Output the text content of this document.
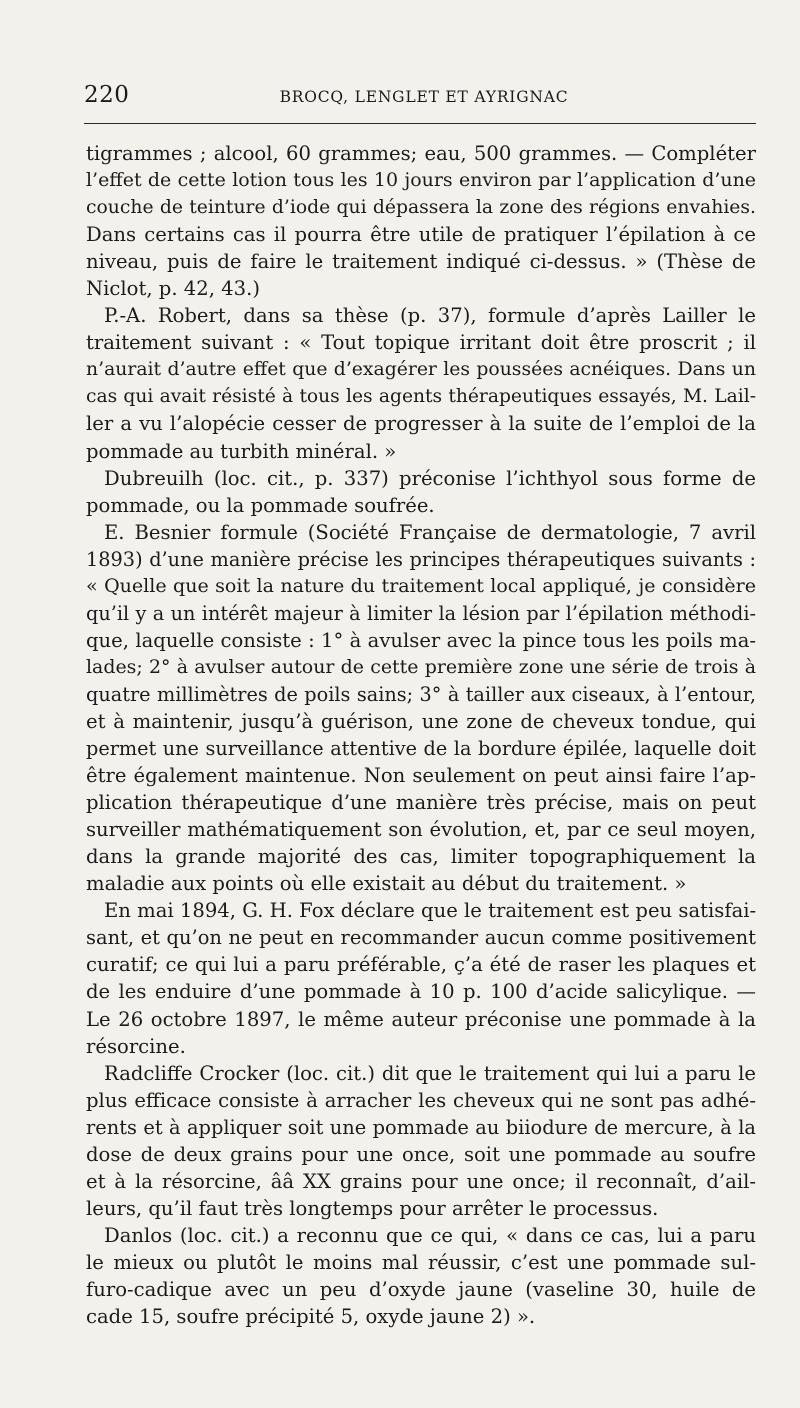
220	BROCQ, LENGLET ET AYRIGNAC
tigrammes ; alcool, 60 grammes; eau, 500 grammes. — Compléter
l’effet de cette lotion tous les 10 jours environ par l’application d’une
couche de teinture d’iode qui dépassera la zone des régions envahies.
Dans certains cas il pourra être utile de pratiquer l’épilation à ce
niveau, puis de faire le traitement indiqué ci-dessus. » (Thèse de
Niclot, p. 42, 43.)
P.-A. Robert, dans sa thèse (p. 37), formule d’après Lailler le
traitement suivant : « Tout topique irritant doit être proscrit ; il
n’aurait d’autre effet que d’exagérer les poussées acnéiques. Dans un
cas qui avait résisté à tous les agents thérapeutiques essayés, M. Lail-
ler a vu l’alopécie cesser de progresser à la suite de l’emploi de la
pommade au turbith minéral. »
Dubreuilh (loc. cit., p. 337) préconise l’ichthyol sous forme de
pommade, ou la pommade soufrée.
E. Besnier formule (Société Française de dermatologie, 7 avril
1893) d’une manière précise les principes thérapeutiques suivants :
« Quelle que soit la nature du traitement local appliqué, je considère
qu’il y a un intérêt majeur à limiter la lésion par l’épilation méthodi-
que, laquelle consiste : 1° à avulser avec la pince tous les poils ma-
lades; 2° à avulser autour de cette première zone une série de trois à
quatre millimètres de poils sains; 3° à tailler aux ciseaux, à l’entour,
et à maintenir, jusqu’à guérison, une zone de cheveux tondue, qui
permet une surveillance attentive de la bordure épilée, laquelle doit
être également maintenue. Non seulement on peut ainsi faire l’ap-
plication thérapeutique d’une manière très précise, mais on peut
surveiller mathématiquement son évolution, et, par ce seul moyen,
dans la grande majorité des cas, limiter topographiquement la
maladie aux points où elle existait au début du traitement. »
En mai 1894, G. H. Fox déclare que le traitement est peu satisfai-
sant, et qu’on ne peut en recommander aucun comme positivement
curatif; ce qui lui a paru préférable, ç’a été de raser les plaques et
de les enduire d’une pommade à 10 p. 100 d’acide salicylique. —
Le 26 octobre 1897, le même auteur préconise une pommade à la
résorcine.
Radcliffe Crocker (loc. cit.) dit que le traitement qui lui a paru le
plus efficace consiste à arracher les cheveux qui ne sont pas adhé-
rents et à appliquer soit une pommade au biiodure de mercure, à la
dose de deux grains pour une once, soit une pommade au soufre
et à la résorcine, ââ XX grains pour une once; il reconnaît, d’ail-
leurs, qu’il faut très longtemps pour arrêter le processus.
Danlos (loc. cit.) a reconnu que ce qui, « dans ce cas, lui a paru
le mieux ou plutôt le moins mal réussir, c’est une pommade sul-
furo-cadique avec un peu d’oxyde jaune (vaseline 30, huile de
cade 15, soufre précipité 5, oxyde jaune 2) ».
